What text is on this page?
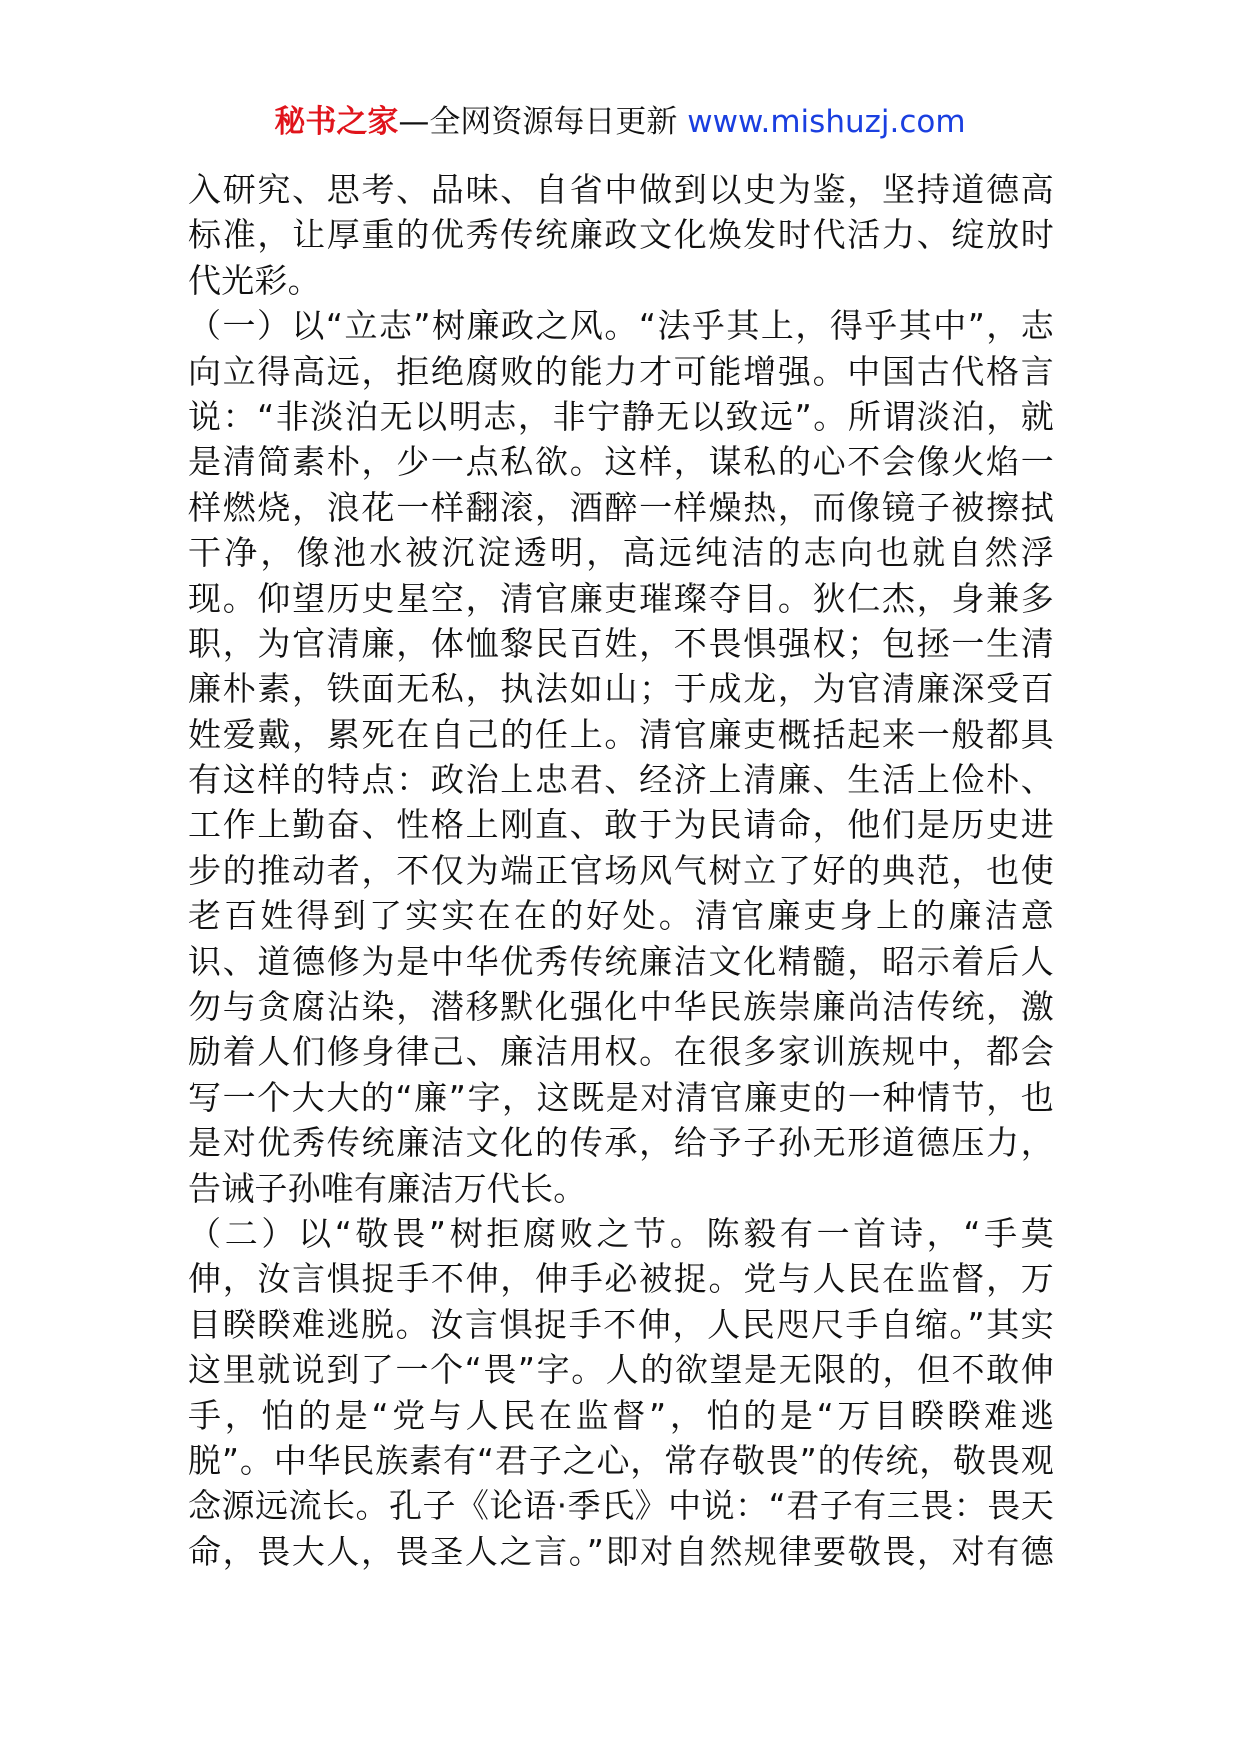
秘书之家—全网资源每日更新 www.mishuzj.com
入研究、思考、品味、自省中做到以史为鉴，坚持道德高
标准，让厚重的优秀传统廉政文化焕发时代活力、绽放时
代光彩。
（一）以“立志”树廉政之风。“法乎其上，得乎其中”，志
向立得高远，拒绝腐败的能力才可能增强。中国古代格言
说：“非淡泊无以明志，非宁静无以致远”。所谓淡泊，就
是清简素朴，少一点私欲。这样，谋私的心不会像火焰一
样燃烧，浪花一样翻滚，酒醉一样燥热，而像镜子被擦拭
干净，像池水被沉淀透明，高远纯洁的志向也就自然浮
现。仰望历史星空，清官廉吏璀璨夺目。狄仁杰，身兼多
职，为官清廉，体恤黎民百姓，不畏惧强权；包拯一生清
廉朴素，铁面无私，执法如山；于成龙，为官清廉深受百
姓爱戴，累死在自己的任上。清官廉吏概括起来一般都具
有这样的特点：政治上忠君、经济上清廉、生活上俭朴、
工作上勤奋、性格上刚直、敢于为民请命，他们是历史进
步的推动者，不仅为端正官场风气树立了好的典范，也使
老百姓得到了实实在在的好处。清官廉吏身上的廉洁意
识、道德修为是中华优秀传统廉洁文化精髓，昭示着后人
勿与贪腐沾染，潜移默化强化中华民族崇廉尚洁传统，激
励着人们修身律己、廉洁用权。在很多家训族规中，都会
写一个大大的“廉”字，这既是对清官廉吏的一种情节，也
是对优秀传统廉洁文化的传承，给予子孙无形道德压力，
告诫子孙唯有廉洁万代长。
（二）以“敬畏”树拒腐败之节。陈毅有一首诗，“手莫
伸，汝言惧捉手不伸，伸手必被捉。党与人民在监督，万
目睽睽难逃脱。汝言惧捉手不伸，人民咫尺手自缩。”其实
这里就说到了一个“畏”字。人的欲望是无限的，但不敢伸
手，怕的是“党与人民在监督”，怕的是“万目睽睽难逃
脱”。中华民族素有“君子之心，常存敬畏”的传统，敬畏观
念源远流长。孔子《论语·季氏》中说：“君子有三畏：畏天
命，畏大人，畏圣人之言。”即对自然规律要敬畏，对有德
